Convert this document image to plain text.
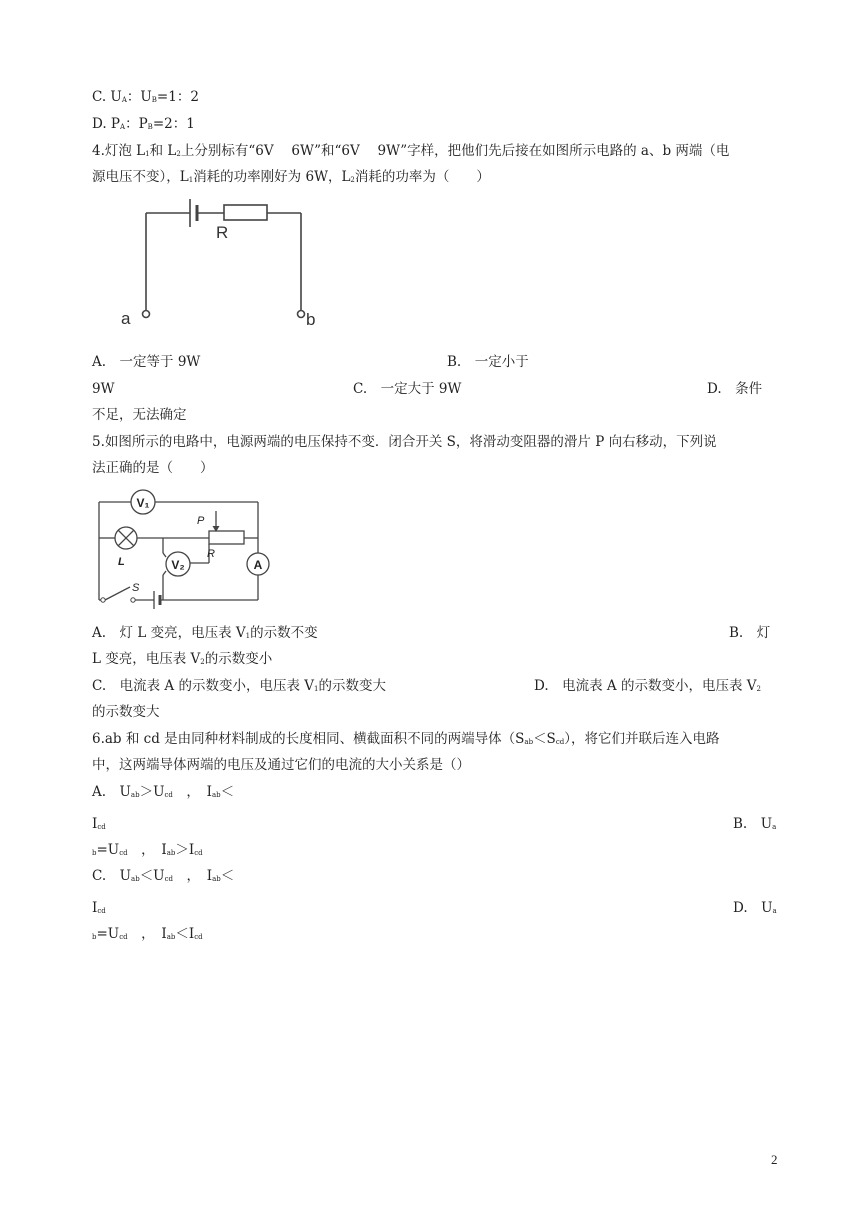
C. $U_A$：$U_B=1$：2
D. $P_A$：$P_B=2$：1
4.灯泡 $L_1$和 $L_2$上分别标有“6V　 6W”和“6V　 9W”字样，把他们先后接在如图所示电路的 a、b 两端（电
源电压不变），$L_1$消耗的功率刚好为 6W，$L_2$消耗的功率为（　　）
R
a	b
A.　一定等于 9W	B.　一定小于
9W	C.　一定大于 9W	D.　条件
不足，无法确定
5.如图所示的电路中，电源两端的电压保持不变．闭合开关 S，将滑动变阻器的滑片 P 向右移动，下列说
法正确的是（　　）
V₁
V₂	A
P
R
L
S
A.　灯 L 变亮，电压表 $V_1$的示数不变	B.　灯
L 变亮，电压表 $V_2$的示数变小
C.　电流表 A 的示数变小，电压表 $V_1$的示数变大	D.　电流表 A 的示数变小，电压表 $V_2$
的示数变大
6.ab 和 cd 是由同种材料制成的长度相同、横截面积不同的两端导体$(S_{ab}<S_{cd})$，将它们并联后连入电路
中，这两端导体两端的电压及通过它们的电流的大小关系是（）
A.　$U_{ab}>U_{cd}$　，　$I_{ab}<$
$I_{cd}$	B.　$U_a$
$_b=U_{cd}$　，　$I_{ab}>I_{cd}$
C.　$U_{ab}<U_{cd}$　，　$I_{ab}<$
$I_{cd}$	D.　$U_a$
$_b=U_{cd}$　，　$I_{ab}<I_{cd}$
2
